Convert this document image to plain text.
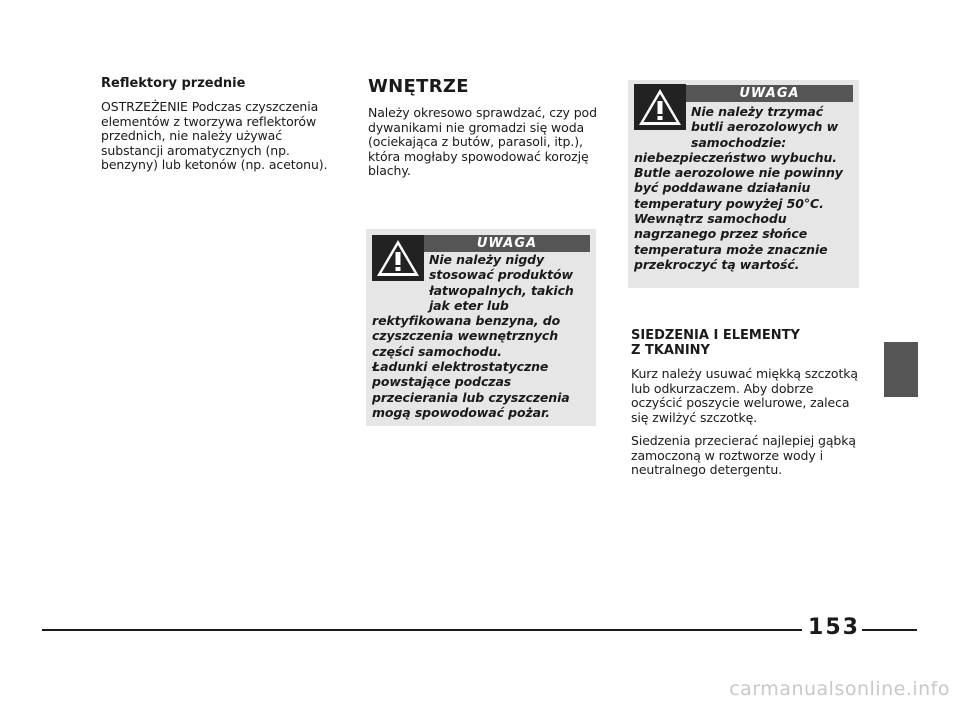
Reflektory przednie

OSTRZEŻENIE Podczas czyszczenia elementów z tworzywa reflektorów przednich, nie należy używać substancji aromatycznych (np. benzyny) lub ketonów (np. acetonu).

WNĘTRZE

Należy okresowo sprawdzać, czy pod dywanikami nie gromadzi się woda (ociekająca z butów, parasoli, itp.), która mogłaby spowodować korozję blachy.

UWAGA

Nie należy nigdy stosować produktów łatwopalnych, takich jak eter lub rektyfikowana benzyna, do czyszczenia wewnętrznych części samochodu.

Ładunki elektrostatyczne powstające podczas przecierania lub czyszczenia mogą spowodować pożar.

UWAGA

Nie należy trzymać butli aerozolowych w samochodzie: niebezpieczeństwo wybuchu. Butle aerozolowe nie powinny być poddawane działaniu temperatury powyżej 50°C. Wewnątrz samochodu nagrzanego przez słońce temperatura może znacznie przekroczyć tą wartość.

SIEDZENIA I ELEMENTY
Z TKANINY

Kurz należy usuwać miękką szczotką lub odkurzaczem. Aby dobrze oczyścić poszycie welurowe, zaleca się zwilżyć szczotkę.

Siedzenia przecierać najlepiej gąbką zamoczoną w roztworze wody i neutralnego detergentu.

153
carmanualsonline.info
